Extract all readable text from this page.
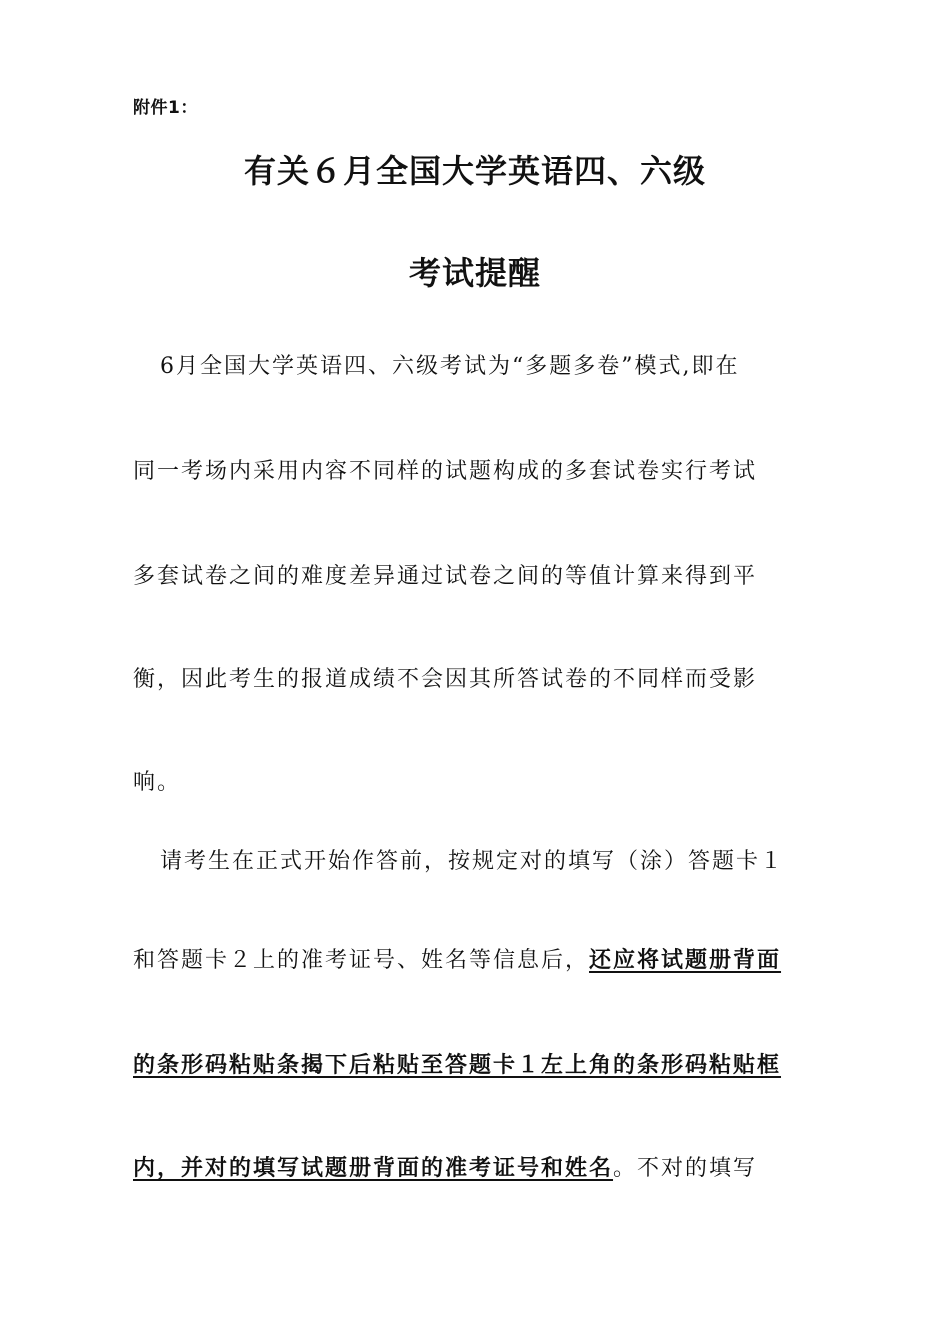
附件1：
有关６月全国大学英语四、六级
考试提醒
6月全国大学英语四、六级考试为“多题多卷”模式,即在
同一考场内采用内容不同样的试题构成的多套试卷实行考试
多套试卷之间的难度差异通过试卷之间的等值计算来得到平
衡，因此考生的报道成绩不会因其所答试卷的不同样而受影
响。
请考生在正式开始作答前，按规定对的填写（涂）答题卡１
和答题卡２上的准考证号、姓名等信息后，还应将试题册背面
的条形码粘贴条揭下后粘贴至答题卡１左上角的条形码粘贴框
内，并对的填写试题册背面的准考证号和姓名。不对的填写
